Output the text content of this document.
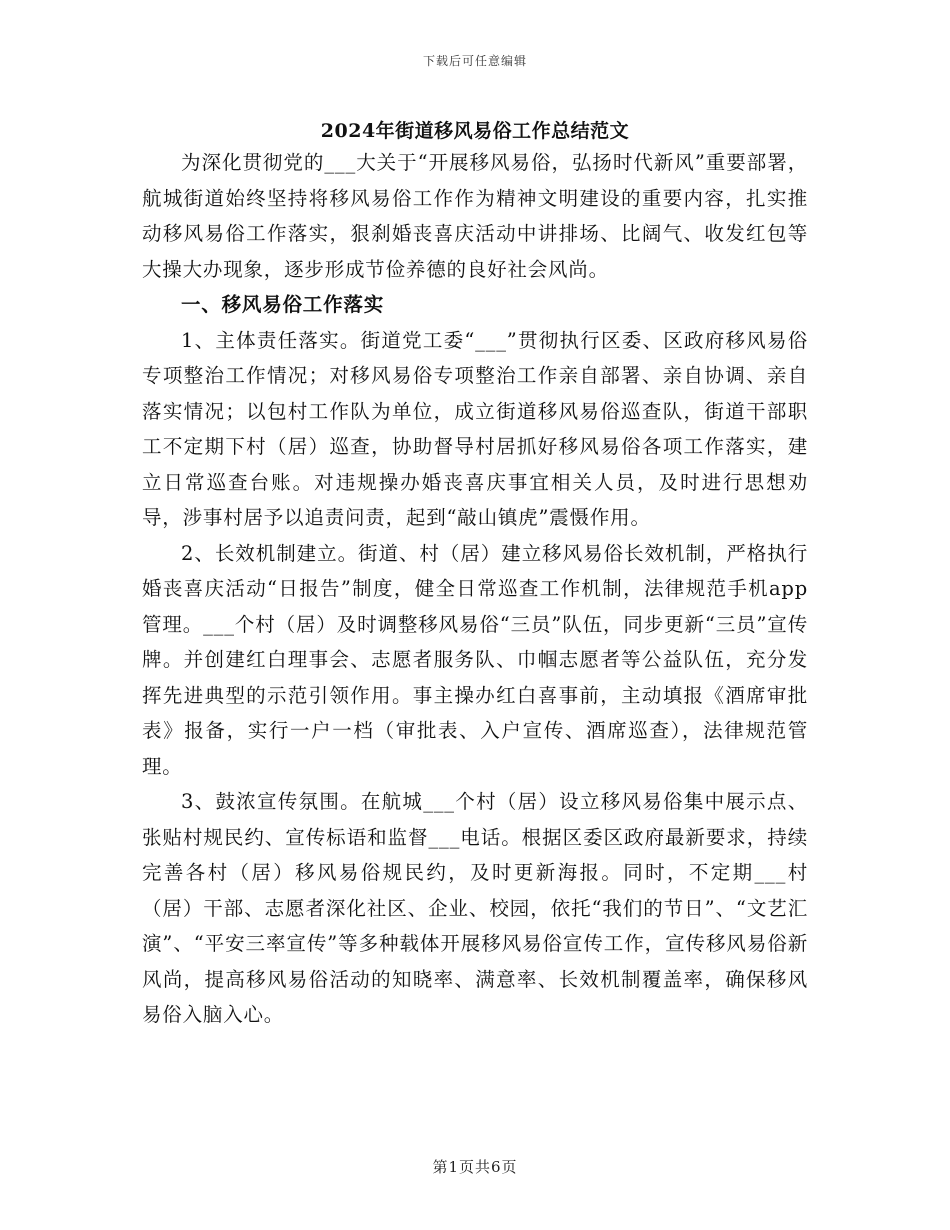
下载后可任意编辑
2024年街道移风易俗工作总结范文

为深化贯彻党的___大关于“开展移风易俗，弘扬时代新风”重要部署，航城街道始终坚持将移风易俗工作作为精神文明建设的重要内容，扎实推动移风易俗工作落实，狠刹婚丧喜庆活动中讲排场、比阔气、收发红包等大操大办现象，逐步形成节俭养德的良好社会风尚。

一、移风易俗工作落实

1、主体责任落实。街道党工委“___”贯彻执行区委、区政府移风易俗专项整治工作情况；对移风易俗专项整治工作亲自部署、亲自协调、亲自落实情况；以包村工作队为单位，成立街道移风易俗巡查队，街道干部职工不定期下村（居）巡查，协助督导村居抓好移风易俗各项工作落实，建立日常巡查台账。对违规操办婚丧喜庆事宜相关人员，及时进行思想劝导，涉事村居予以追责问责，起到“敲山镇虎”震慑作用。

2、长效机制建立。街道、村（居）建立移风易俗长效机制，严格执行婚丧喜庆活动“日报告”制度，健全日常巡查工作机制，法律规范手机app管理。___个村（居）及时调整移风易俗“三员”队伍，同步更新“三员”宣传牌。并创建红白理事会、志愿者服务队、巾帼志愿者等公益队伍，充分发挥先进典型的示范引领作用。事主操办红白喜事前，主动填报《酒席审批表》报备，实行一户一档（审批表、入户宣传、酒席巡查），法律规范管理。

3、鼓浓宣传氛围。在航城___个村（居）设立移风易俗集中展示点、张贴村规民约、宣传标语和监督___电话。根据区委区政府最新要求，持续完善各村（居）移风易俗规民约，及时更新海报。同时，不定期___村（居）干部、志愿者深化社区、企业、校园，依托“我们的节日”、“文艺汇演”、“平安三率宣传”等多种载体开展移风易俗宣传工作，宣传移风易俗新风尚，提高移风易俗活动的知晓率、满意率、长效机制覆盖率，确保移风易俗入脑入心。

第1页共6页
